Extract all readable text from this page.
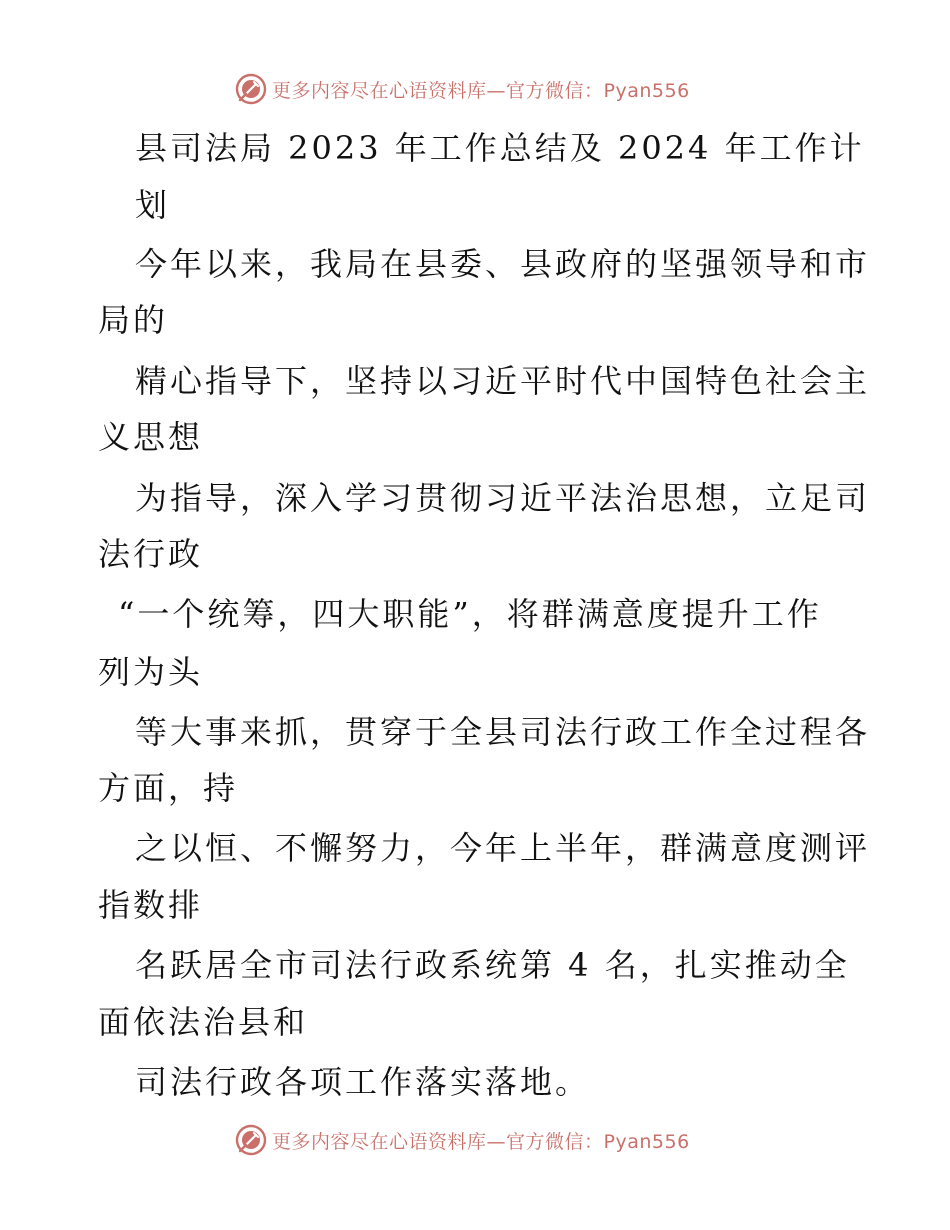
更多内容尽在心语资料库—官方微信：Pyan556
县司法局 2023 年工作总结及 2024 年工作计
划
今年以来，我局在县委、县政府的坚强领导和市
局的
精心指导下，坚持以习近平时代中国特色社会主
义思想
为指导，深入学习贯彻习近平法治思想，立足司
法行政
“一个统筹，四大职能”，将群满意度提升工作
列为头
等大事来抓，贯穿于全县司法行政工作全过程各
方面，持
之以恒、不懈努力，今年上半年，群满意度测评
指数排
名跃居全市司法行政系统第 4 名，扎实推动全
面依法治县和
司法行政各项工作落实落地。
更多内容尽在心语资料库—官方微信：Pyan556
